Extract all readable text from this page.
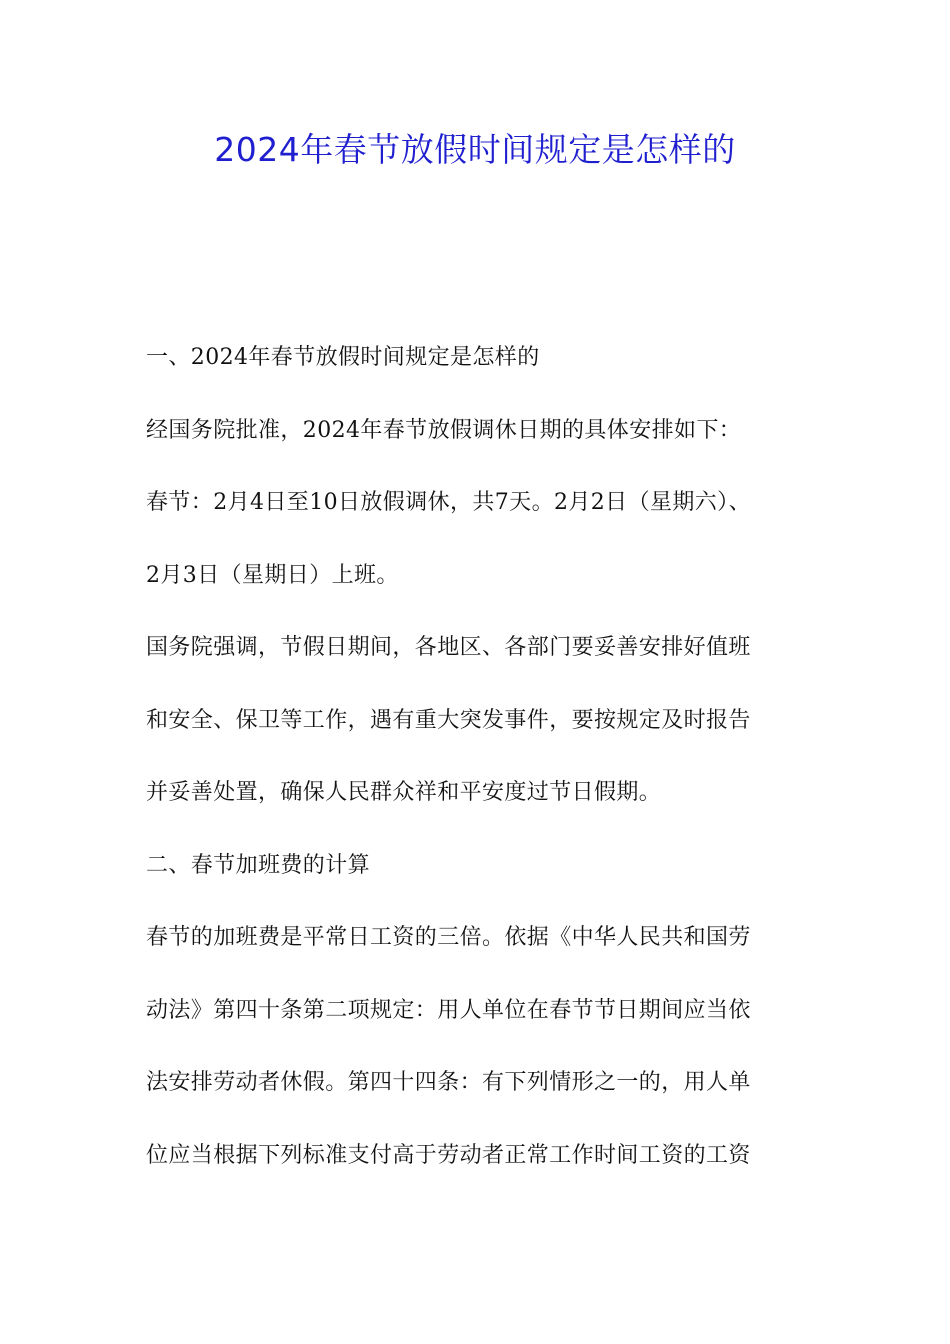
2024年春节放假时间规定是怎样的
一、2024年春节放假时间规定是怎样的
经国务院批准，2024年春节放假调休日期的具体安排如下：
春节：2月4日至10日放假调休，共7天。2月2日（星期六）、
2月3日（星期日）上班。
国务院强调，节假日期间，各地区、各部门要妥善安排好值班
和安全、保卫等工作，遇有重大突发事件，要按规定及时报告
并妥善处置，确保人民群众祥和平安度过节日假期。
二、春节加班费的计算
春节的加班费是平常日工资的三倍。依据《中华人民共和国劳
动法》第四十条第二项规定：用人单位在春节节日期间应当依
法安排劳动者休假。第四十四条：有下列情形之一的，用人单
位应当根据下列标准支付高于劳动者正常工作时间工资的工资
